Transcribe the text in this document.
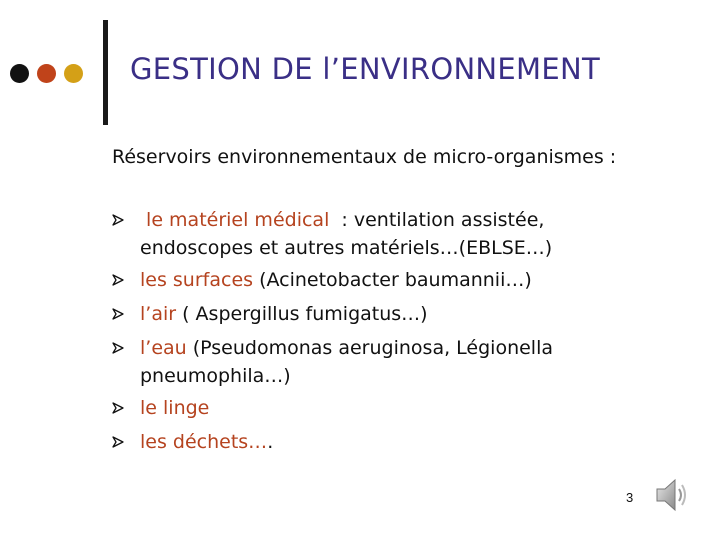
GESTION DE l’ENVIRONNEMENT
Réservoirs environnementaux de micro-organismes :
le matériel médical  : ventilation assistée,
endoscopes et autres matériels…(EBLSE…)
les surfaces (Acinetobacter baumannii…)
l’air ( Aspergillus fumigatus…)
l’eau (Pseudomonas aeruginosa, Légionella
pneumophila…)
le linge
les déchets….
3
